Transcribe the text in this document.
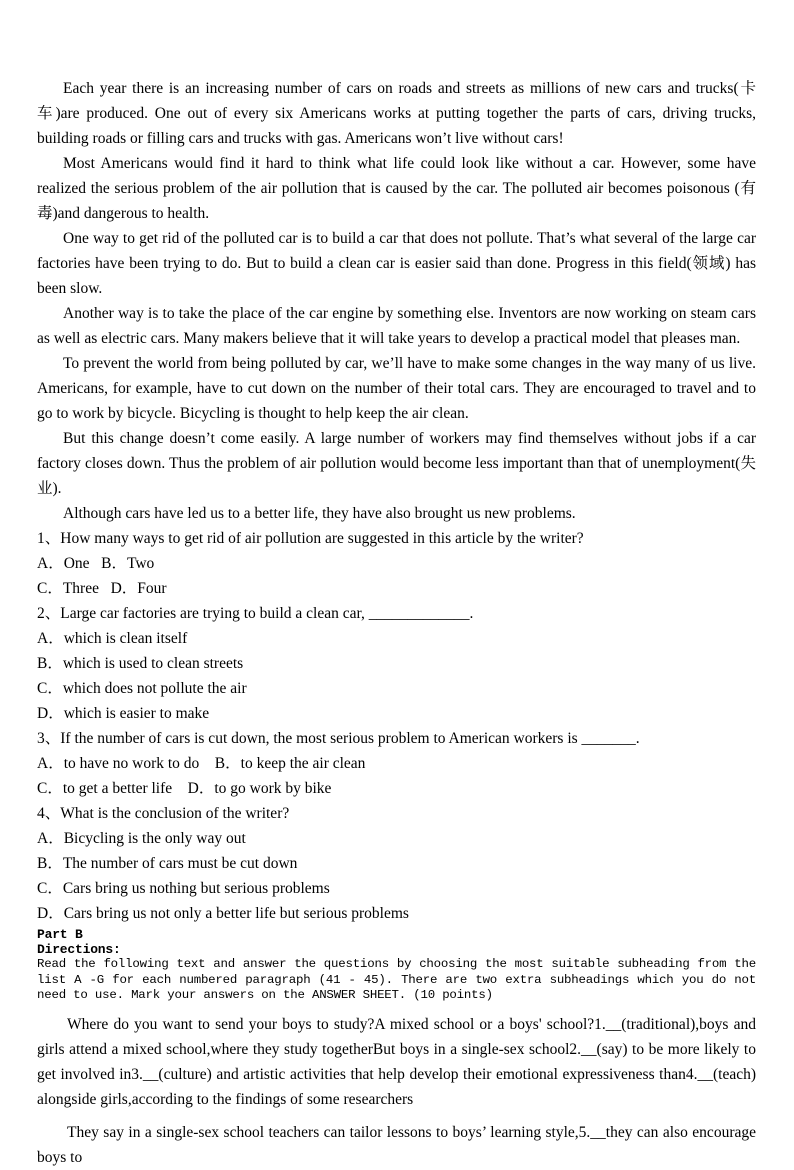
Each year there is an increasing number of cars on roads and streets as millions of new cars and trucks(卡车)are produced. One out of every six Americans works at putting together the parts of cars, driving trucks, building roads or filling cars and trucks with gas. Americans won’t live without cars!

Most Americans would find it hard to think what life could look like without a car. However, some have realized the serious problem of the air pollution that is caused by the car. The polluted air becomes poisonous (有毒)and dangerous to health.

One way to get rid of the polluted car is to build a car that does not pollute. That’s what several of the large car factories have been trying to do. But to build a clean car is easier said than done. Progress in this field(领域) has been slow.

Another way is to take the place of the car engine by something else. Inventors are now working on steam cars as well as electric cars. Many makers believe that it will take years to develop a practical model that pleases man.

To prevent the world from being polluted by car, we’ll have to make some changes in the way many of us live. Americans, for example, have to cut down on the number of their total cars. They are encouraged to travel and to go to work by bicycle. Bicycling is thought to help keep the air clean.

But this change doesn’t come easily. A large number of workers may find themselves without jobs if a car factory closes down. Thus the problem of air pollution would become less important than that of unemployment(失业).

Although cars have led us to a better life, they have also brought us new problems.

1、How many ways to get rid of air pollution are suggested in this article by the writer?
A．One   B．Two
C．Three   D．Four
2、Large car factories are trying to build a clean car, _____________.
A．which is clean itself
B．which is used to clean streets
C．which does not pollute the air
D．which is easier to make
3、If the number of cars is cut down, the most serious problem to American workers is _______.
A．to have no work to do    B．to keep the air clean
C．to get a better life    D．to go work by bike
4、What is the conclusion of the writer?
A．Bicycling is the only way out
B．The number of cars must be cut down
C．Cars bring us nothing but serious problems
D．Cars bring us not only a better life but serious problems
Part B
Directions:
Read the following text and answer the questions by choosing the most suitable subheading from the list A -G for each numbered paragraph (41 - 45). There are two extra subheadings which you do not need to use. Mark your answers on the ANSWER SHEET. (10 points)

Where do you want to send your boys to study?A mixed school or a boys' school?1.__(traditional),boys and girls attend a mixed school,where they study togetherBut boys in a single-sex school2.__(say) to be more likely to get involved in3.__(culture) and artistic activities that help develop their emotional expressiveness than4.__(teach) alongside girls,according to the findings of some researchers

They say in a single-sex school teachers can tailor lessons to boys’ learning style,5.__they can also encourage boys to
